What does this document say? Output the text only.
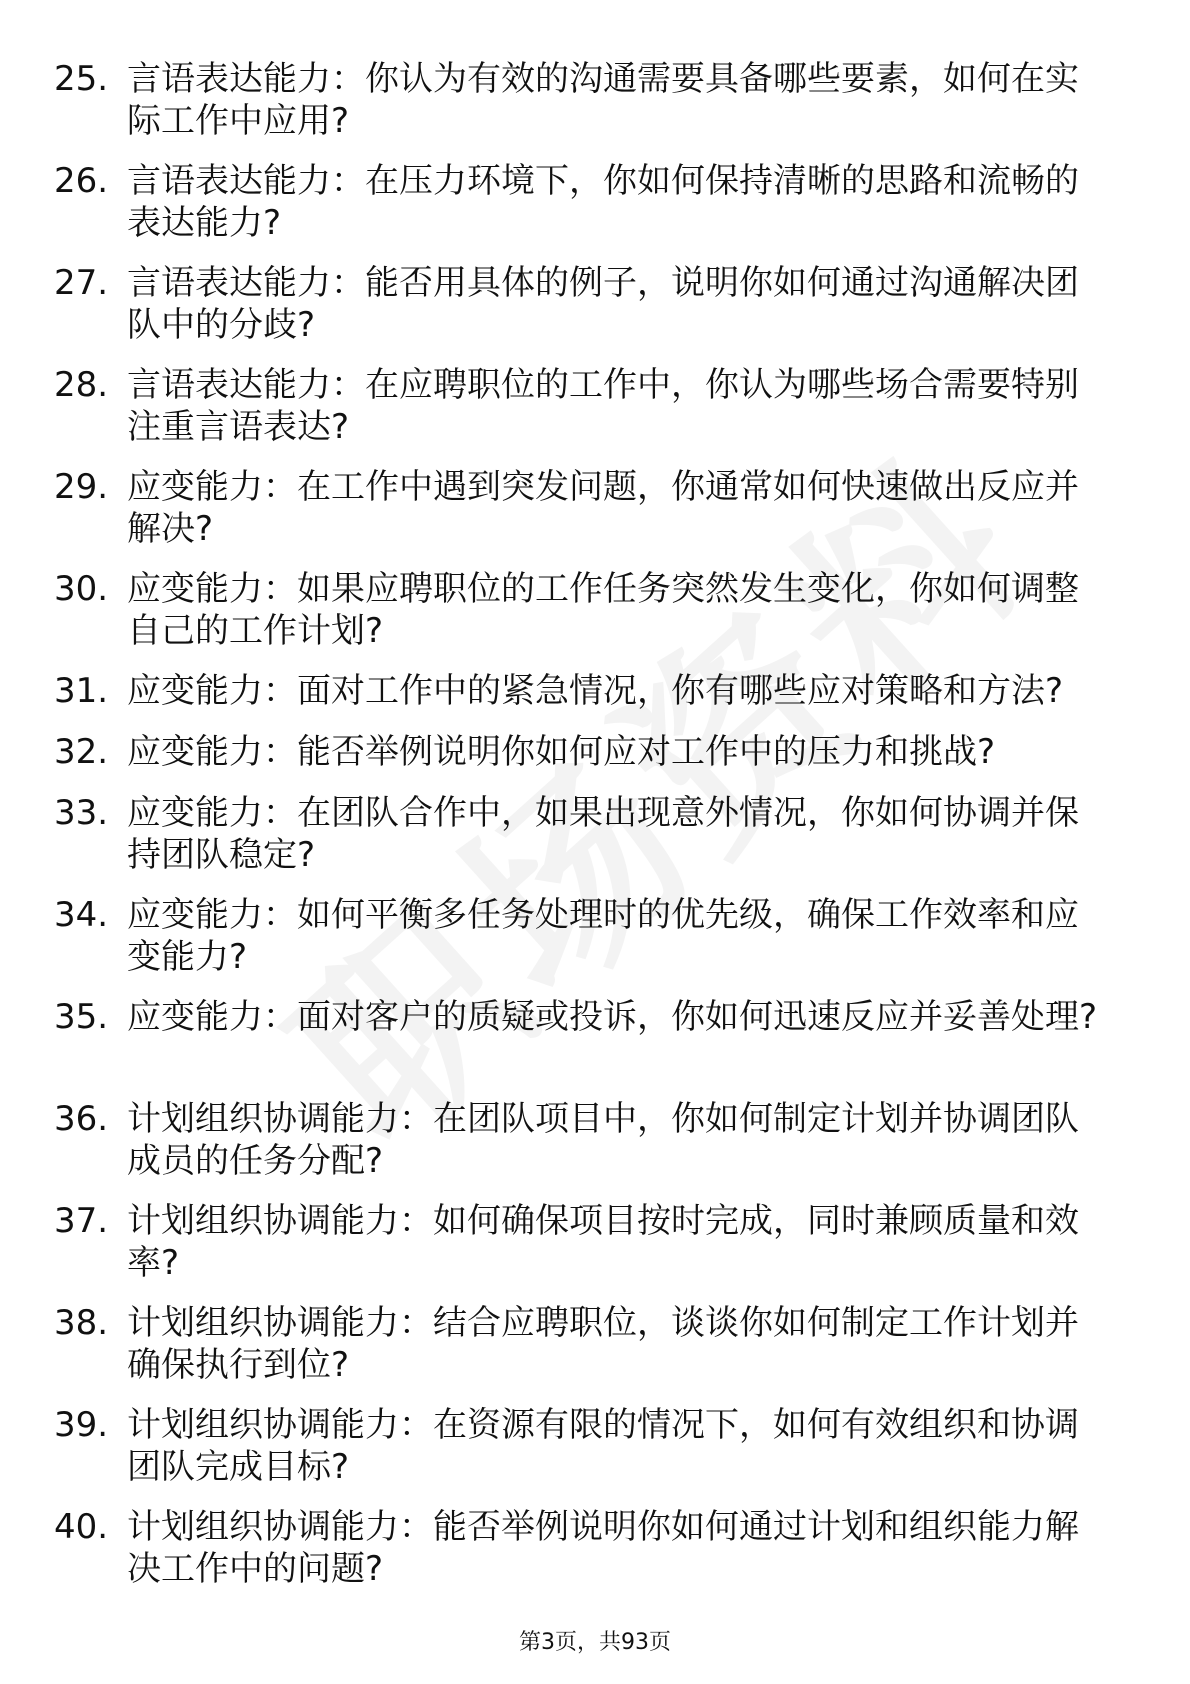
25. 言语表达能力：你认为有效的沟通需要具备哪些要素，如何在实际工作中应用?
26. 言语表达能力：在压力环境下，你如何保持清晰的思路和流畅的表达能力?
27. 言语表达能力：能否用具体的例子，说明你如何通过沟通解决团队中的分歧?
28. 言语表达能力：在应聘职位的工作中，你认为哪些场合需要特别注重言语表达?
29. 应变能力：在工作中遇到突发问题，你通常如何快速做出反应并解决?
30. 应变能力：如果应聘职位的工作任务突然发生变化，你如何调整自己的工作计划?
31. 应变能力：面对工作中的紧急情况，你有哪些应对策略和方法?
32. 应变能力：能否举例说明你如何应对工作中的压力和挑战?
33. 应变能力：在团队合作中，如果出现意外情况，你如何协调并保持团队稳定?
34. 应变能力：如何平衡多任务处理时的优先级，确保工作效率和应变能力?
35. 应变能力：面对客户的质疑或投诉，你如何迅速反应并妥善处理?
36. 计划组织协调能力：在团队项目中，你如何制定计划并协调团队成员的任务分配?
37. 计划组织协调能力：如何确保项目按时完成，同时兼顾质量和效率?
38. 计划组织协调能力：结合应聘职位，谈谈你如何制定工作计划并确保执行到位?
39. 计划组织协调能力：在资源有限的情况下，如何有效组织和协调团队完成目标?
40. 计划组织协调能力：能否举例说明你如何通过计划和组织能力解决工作中的问题?
第3页，共93页
